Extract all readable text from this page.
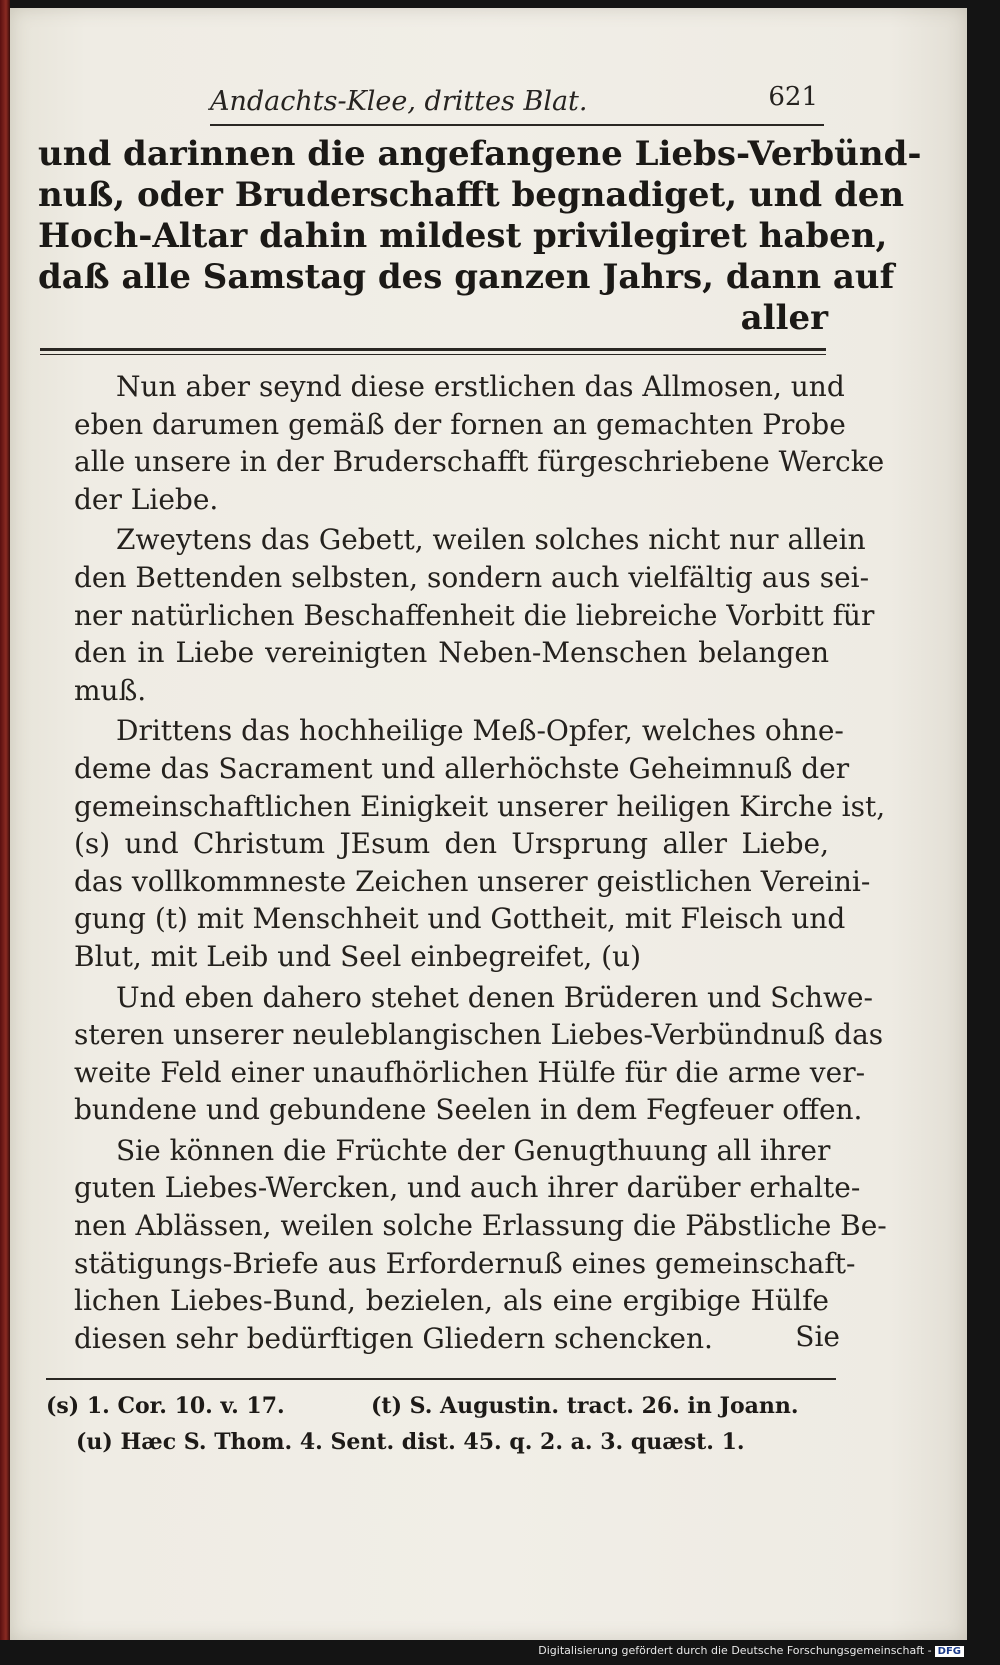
Andachts-Klee, drittes Blat.	621
und darinnen die angefangene Liebs-Verbünd-
nuß, oder Bruderschafft begnadiget, und den
Hoch-Altar dahin mildest privilegiret haben,
daß alle Samstag des ganzen Jahrs, dann auf
aller
Nun aber seynd diese erstlichen das Allmosen, und
eben darumen gemäß der fornen an gemachten Probe
alle unsere in der Bruderschafft fürgeschriebene Wercke
der Liebe.
Zweytens das Gebett, weilen solches nicht nur allein
den Bettenden selbsten, sondern auch vielfältig aus sei-
ner natürlichen Beschaffenheit die liebreiche Vorbitt für
den in Liebe vereinigten Neben-Menschen belangen
muß.
Drittens das hochheilige Meß-Opfer, welches ohne-
deme das Sacrament und allerhöchste Geheimnuß der
gemeinschaftlichen Einigkeit unserer heiligen Kirche ist,
(s) und Christum JEsum den Ursprung aller Liebe,
das vollkommneste Zeichen unserer geistlichen Vereini-
gung (t) mit Menschheit und Gottheit, mit Fleisch und
Blut, mit Leib und Seel einbegreifet, (u)
Und eben dahero stehet denen Brüderen und Schwe-
steren unserer neuleblangischen Liebes-Verbündnuß das
weite Feld einer unaufhörlichen Hülfe für die arme ver-
bundene und gebundene Seelen in dem Fegfeuer offen.
Sie können die Früchte der Genugthuung all ihrer
guten Liebes-Wercken, und auch ihrer darüber erhalte-
nen Ablässen, weilen solche Erlassung die Päbstliche Be-
stätigungs-Briefe aus Erfordernuß eines gemeinschaft-
lichen Liebes-Bund, bezielen, als eine ergibige Hülfe
diesen sehr bedürftigen Gliedern schencken.	Sie
(s) 1. Cor. 10. v. 17.	(t) S. Augustin. tract. 26. in Joann.
(u) Hæc S. Thom. 4. Sent. dist. 45. q. 2. a. 3. quæst. 1.
Digitalisierung gefördert durch die Deutsche Forschungsgemeinschaft - DFG
